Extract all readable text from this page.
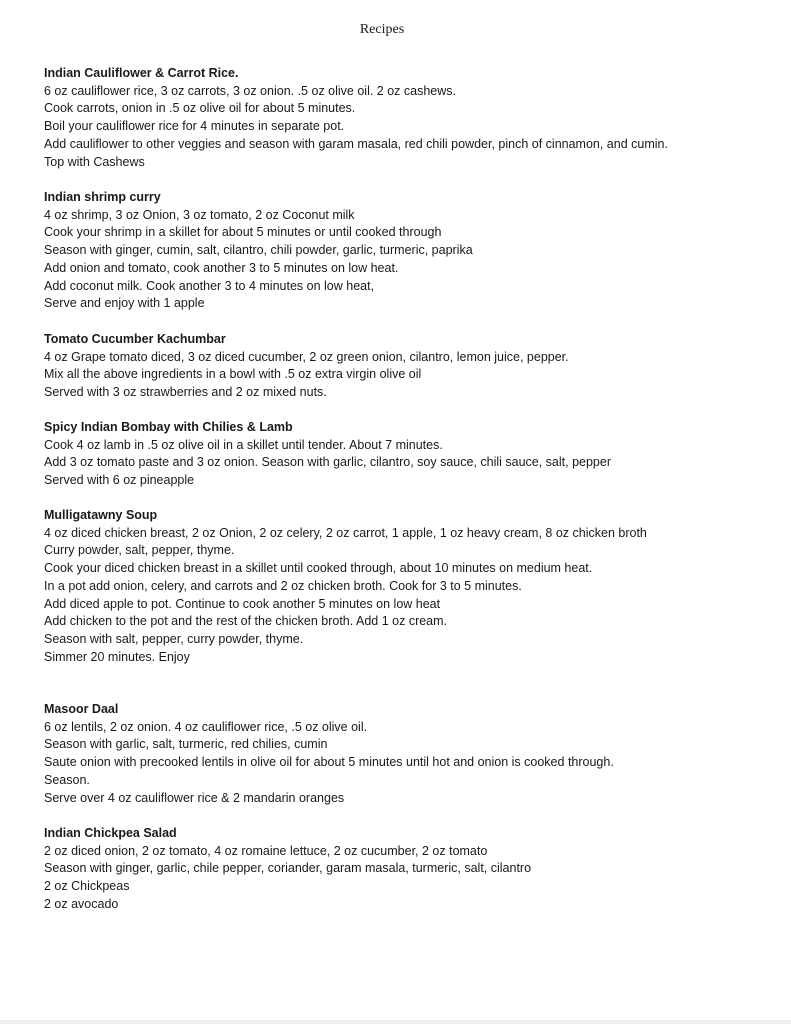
Recipes
Indian Cauliflower & Carrot Rice.
6 oz cauliflower rice, 3 oz carrots, 3 oz onion. .5 oz olive oil. 2 oz cashews.
Cook carrots, onion in .5 oz olive oil for about 5 minutes.
Boil your cauliflower rice for 4 minutes in separate pot.
Add cauliflower to other veggies and season with garam masala, red chili powder, pinch of cinnamon, and cumin.
Top with Cashews
Indian shrimp curry
4 oz shrimp, 3 oz Onion, 3 oz tomato, 2 oz Coconut milk
Cook your shrimp in a skillet for about 5 minutes or until cooked through
Season with ginger, cumin, salt, cilantro, chili powder, garlic, turmeric, paprika
Add onion and tomato, cook another 3 to 5 minutes on low heat.
Add coconut milk. Cook another 3 to 4 minutes on low heat,
Serve and enjoy with 1 apple
Tomato Cucumber Kachumbar
4 oz Grape tomato diced, 3 oz diced cucumber, 2 oz green onion, cilantro, lemon juice, pepper.
Mix all the above ingredients in a bowl with .5 oz extra virgin olive oil
Served with 3 oz strawberries and 2 oz mixed nuts.
Spicy Indian Bombay with Chilies & Lamb
Cook 4 oz lamb in .5 oz olive oil in a skillet until tender. About 7 minutes.
Add 3 oz tomato paste and 3 oz onion. Season with garlic, cilantro, soy sauce, chili sauce, salt, pepper
Served with 6 oz pineapple
Mulligatawny Soup
4 oz diced chicken breast, 2 oz Onion, 2 oz celery, 2 oz carrot, 1 apple, 1 oz heavy cream, 8 oz chicken broth
Curry powder, salt, pepper, thyme.
Cook your diced chicken breast in a skillet until cooked through, about 10 minutes on medium heat.
In a pot add onion, celery, and carrots and 2 oz chicken broth. Cook for 3 to 5 minutes.
Add diced apple to pot. Continue to cook another 5 minutes on low heat
Add chicken to the pot and the rest of the chicken broth. Add 1 oz cream.
Season with salt, pepper, curry powder, thyme.
Simmer 20 minutes. Enjoy
Masoor Daal
6 oz lentils, 2 oz onion. 4 oz cauliflower rice, .5 oz olive oil.
Season with garlic, salt, turmeric, red chilies, cumin
Saute onion with precooked lentils in olive oil for about 5 minutes until hot and onion is cooked through.
Season.
Serve over 4 oz cauliflower rice & 2 mandarin oranges
Indian Chickpea Salad
2 oz diced onion, 2 oz tomato, 4 oz romaine lettuce, 2 oz cucumber, 2 oz tomato
Season with ginger, garlic, chile pepper, coriander, garam masala, turmeric, salt, cilantro
2 oz Chickpeas
2 oz avocado
